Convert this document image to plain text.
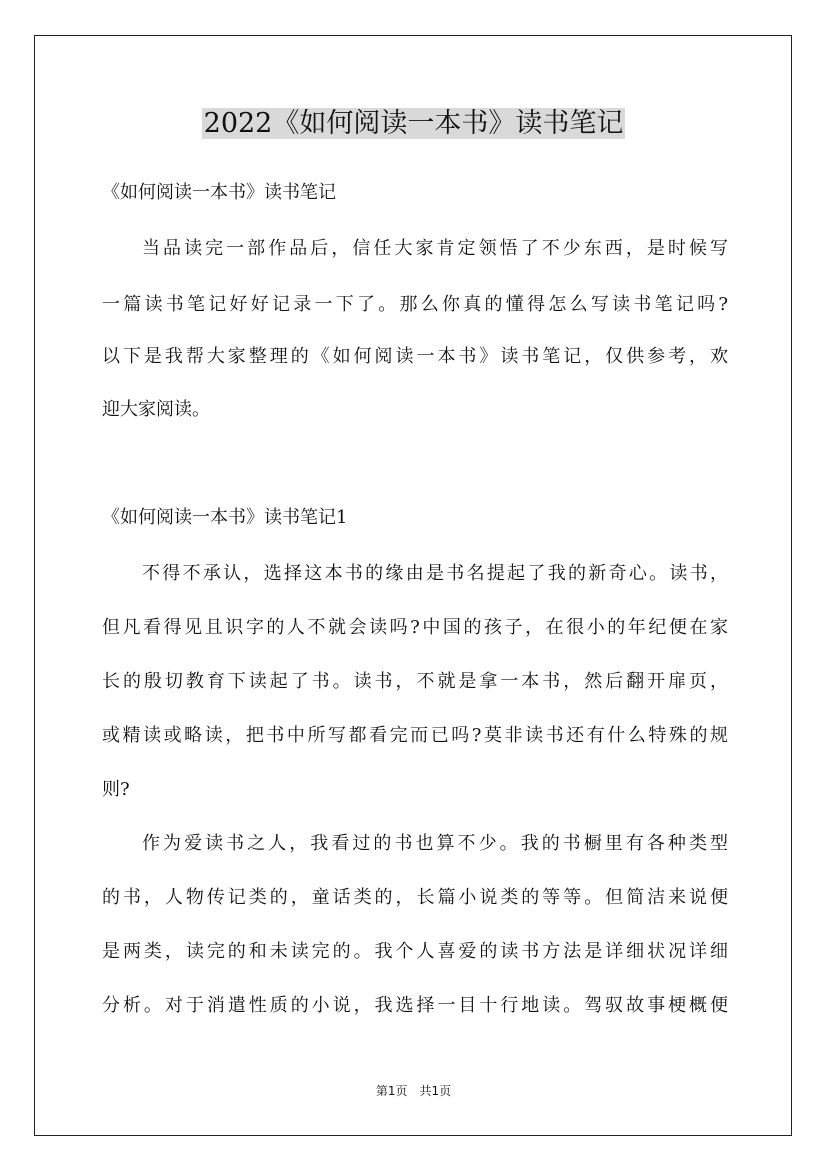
2022《如何阅读一本书》读书笔记
《如何阅读一本书》读书笔记
当品读完一部作品后，信任大家肯定领悟了不少东西，是时候写
一篇读书笔记好好记录一下了。那么你真的懂得怎么写读书笔记吗?
以下是我帮大家整理的《如何阅读一本书》读书笔记，仅供参考，欢
迎大家阅读。
《如何阅读一本书》读书笔记1
不得不承认，选择这本书的缘由是书名提起了我的新奇心。读书，
但凡看得见且识字的人不就会读吗?中国的孩子，在很小的年纪便在家
长的殷切教育下读起了书。读书，不就是拿一本书，然后翻开扉页，
或精读或略读，把书中所写都看完而已吗?莫非读书还有什么特殊的规
则?
作为爱读书之人，我看过的书也算不少。我的书橱里有各种类型
的书，人物传记类的，童话类的，长篇小说类的等等。但简洁来说便
是两类，读完的和未读完的。我个人喜爱的读书方法是详细状况详细
分析。对于消遣性质的小说，我选择一目十行地读。驾驭故事梗概便
第1页　共1页
